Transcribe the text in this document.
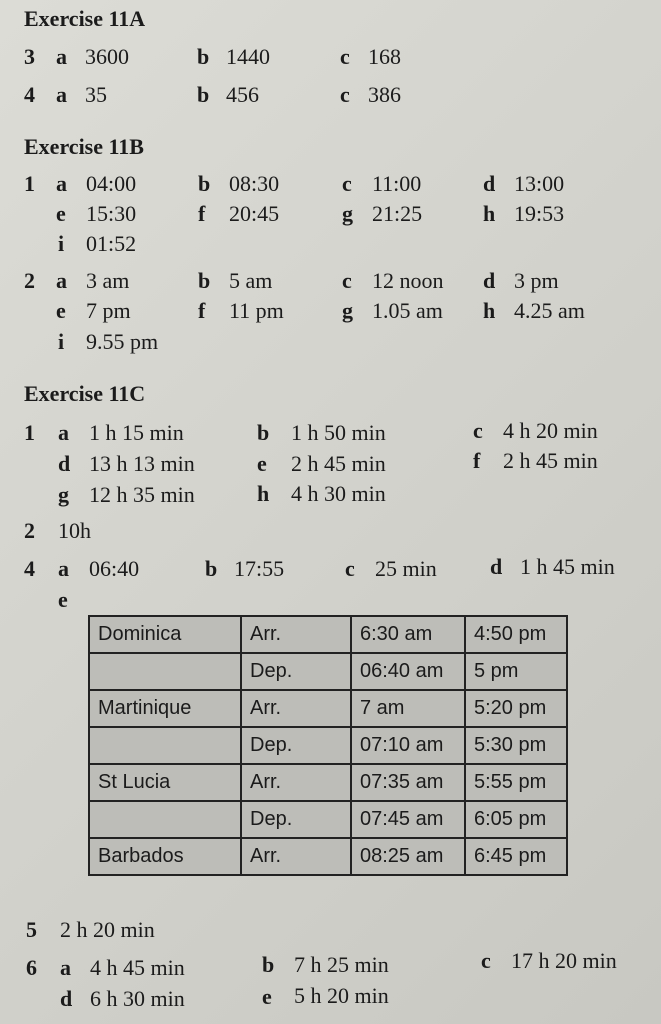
Exercise 11A
3 a 3600	b 1440	c 168
4 a 35	b 456	c 386
Exercise 11B
1 a 04:00	b 08:30	c 11:00	d 13:00
e 15:30	f 20:45	g 21:25	h 19:53
i 01:52
2 a 3 am	b 5 am	c 12 noon d 3 pm
e 7 pm	f 11 pm	g 1.05 am h 4.25 am
i 9.55 pm
Exercise 11C
1 a 1 h 15 min	b 1 h 50 min	c 4 h 20 min
d 13 h 13 min	e 2 h 45 min	f 2 h 45 min
g 12 h 35 min	h 4 h 30 min
2 10h
4 a 06:40	b 17:55	c 25 min d 1 h 45 min
e
Dominica	Arr.	6:30 am	4:50 pm
	Dep.	06:40 am	5 pm
Martinique	Arr.	7 am	5:20 pm
	Dep.	07:10 am	5:30 pm
St Lucia	Arr.	07:35 am	5:55 pm
	Dep.	07:45 am	6:05 pm
Barbados	Arr.	08:25 am	6:45 pm
5 2 h 20 min
6 a 4 h 45 min	b 7 h 25 min	c 17 h 20 min
d 6 h 30 min	e 5 h 20 min
